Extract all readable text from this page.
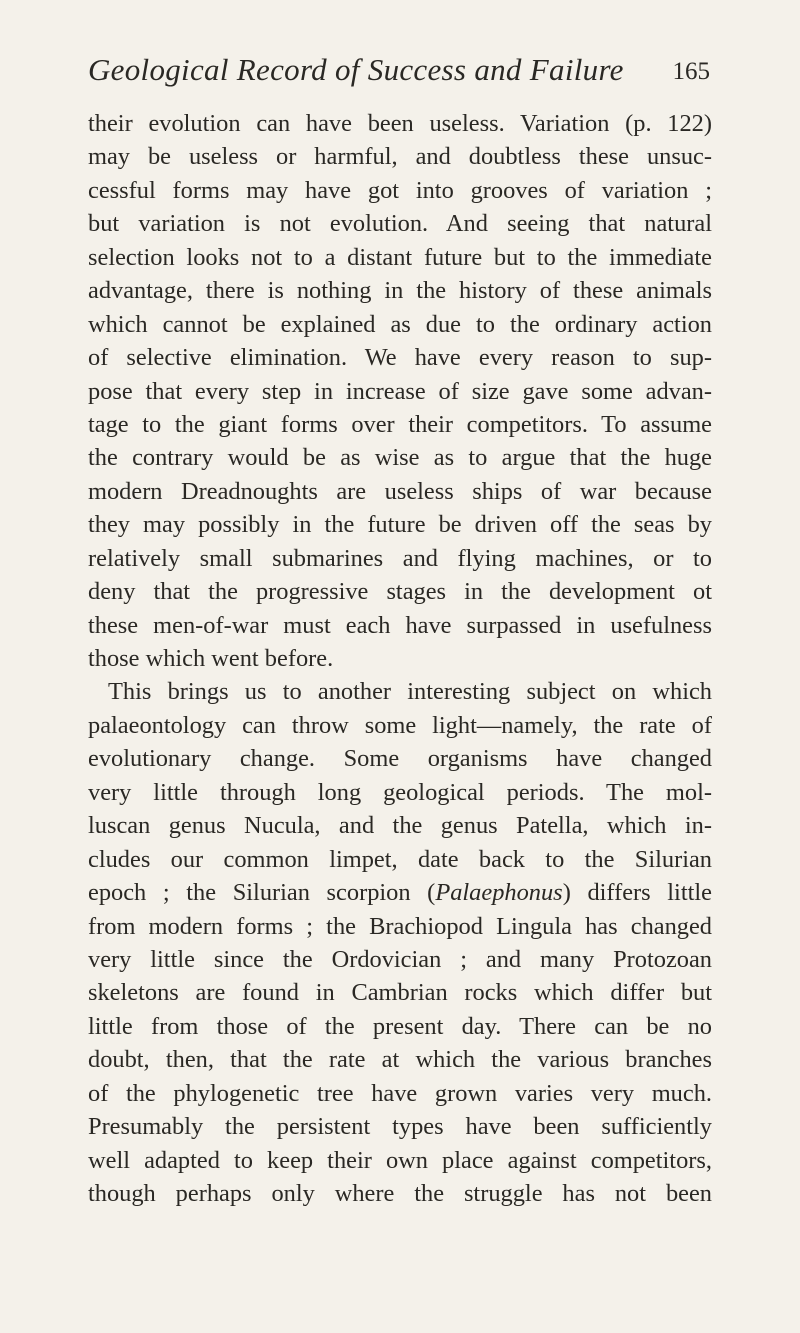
Geological Record of Success and Failure 165
their evolution can have been useless. Variation (p. 122)
may be useless or harmful, and doubtless these unsuc-
cessful forms may have got into grooves of variation ;
but variation is not evolution. And seeing that natural
selection looks not to a distant future but to the immediate
advantage, there is nothing in the history of these animals
which cannot be explained as due to the ordinary action
of selective elimination. We have every reason to sup-
pose that every step in increase of size gave some advan-
tage to the giant forms over their competitors. To assume
the contrary would be as wise as to argue that the huge
modern Dreadnoughts are useless ships of war because
they may possibly in the future be driven off the seas by
relatively small submarines and flying machines, or to
deny that the progressive stages in the development ot
these men-of-war must each have surpassed in usefulness
those which went before.
This brings us to another interesting subject on which
palaeontology can throw some light—namely, the rate of
evolutionary change. Some organisms have changed
very little through long geological periods. The mol-
luscan genus Nucula, and the genus Patella, which in-
cludes our common limpet, date back to the Silurian
epoch ; the Silurian scorpion (Palaephonus) differs little
from modern forms ; the Brachiopod Lingula has changed
very little since the Ordovician ; and many Protozoan
skeletons are found in Cambrian rocks which differ but
little from those of the present day. There can be no
doubt, then, that the rate at which the various branches
of the phylogenetic tree have grown varies very much.
Presumably the persistent types have been sufficiently
well adapted to keep their own place against competitors,
though perhaps only where the struggle has not been
